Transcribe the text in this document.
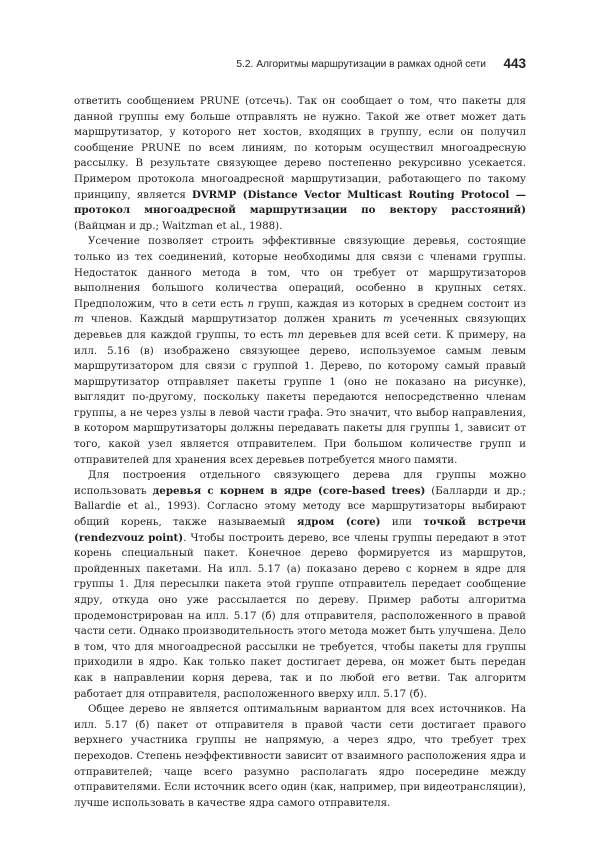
5.2. Алгоритмы маршрутизации в рамках одной сети 443

ответить сообщением PRUNE (отсечь). Так он сообщает о том, что пакеты для данной группы ему больше отправлять не нужно. Такой же ответ может дать маршрутизатор, у которого нет хостов, входящих в группу, если он получил сообщение PRUNE по всем линиям, по которым осуществил многоадресную рассылку. В результате связующее дерево постепенно рекурсивно усекается. Примером протокола многоадресной маршрутизации, работающего по такому принципу, является DVRMP (Distance Vector Multicast Routing Protocol — протокол многоадресной маршрутизации по вектору расстояний) (Вайцман и др.; Waitzman et al., 1988).

Усечение позволяет строить эффективные связующие деревья, состоящие только из тех соединений, которые необходимы для связи с членами группы. Недостаток данного метода в том, что он требует от маршрутизаторов выполнения большого количества операций, особенно в крупных сетях. Предположим, что в сети есть n групп, каждая из которых в среднем состоит из m членов. Каждый маршрутизатор должен хранить m усеченных связующих деревьев для каждой группы, то есть mn деревьев для всей сети. К примеру, на илл. 5.16 (в) изображено связующее дерево, используемое самым левым маршрутизатором для связи с группой 1. Дерево, по которому самый правый маршрутизатор отправляет пакеты группе 1 (оно не показано на рисунке), выглядит по-другому, поскольку пакеты передаются непосредственно членам группы, а не через узлы в левой части графа. Это значит, что выбор направления, в котором маршрутизаторы должны передавать пакеты для группы 1, зависит от того, какой узел является отправителем. При большом количестве групп и отправителей для хранения всех деревьев потребуется много памяти.

Для построения отдельного связующего дерева для группы можно использовать деревья с корнем в ядре (core-based trees) (Балларди и др.; Ballardie et al., 1993). Согласно этому методу все маршрутизаторы выбирают общий корень, также называемый ядром (core) или точкой встречи (rendezvouz point). Чтобы построить дерево, все члены группы передают в этот корень специальный пакет. Конечное дерево формируется из маршрутов, пройденных пакетами. На илл. 5.17 (а) показано дерево с корнем в ядре для группы 1. Для пересылки пакета этой группе отправитель передает сообщение ядру, откуда оно уже рассылается по дереву. Пример работы алгоритма продемонстрирован на илл. 5.17 (б) для отправителя, расположенного в правой части сети. Однако производительность этого метода может быть улучшена. Дело в том, что для многоадресной рассылки не требуется, чтобы пакеты для группы приходили в ядро. Как только пакет достигает дерева, он может быть передан как в направлении корня дерева, так и по любой его ветви. Так алгоритм работает для отправителя, расположенного вверху илл. 5.17 (б).

Общее дерево не является оптимальным вариантом для всех источников. На илл. 5.17 (б) пакет от отправителя в правой части сети достигает правого верхнего участника группы не напрямую, а через ядро, что требует трех переходов. Степень неэффективности зависит от взаимного расположения ядра и отправителей; чаще всего разумно располагать ядро посередине между отправителями. Если источник всего один (как, например, при видеотрансляции), лучше использовать в качестве ядра самого отправителя.
